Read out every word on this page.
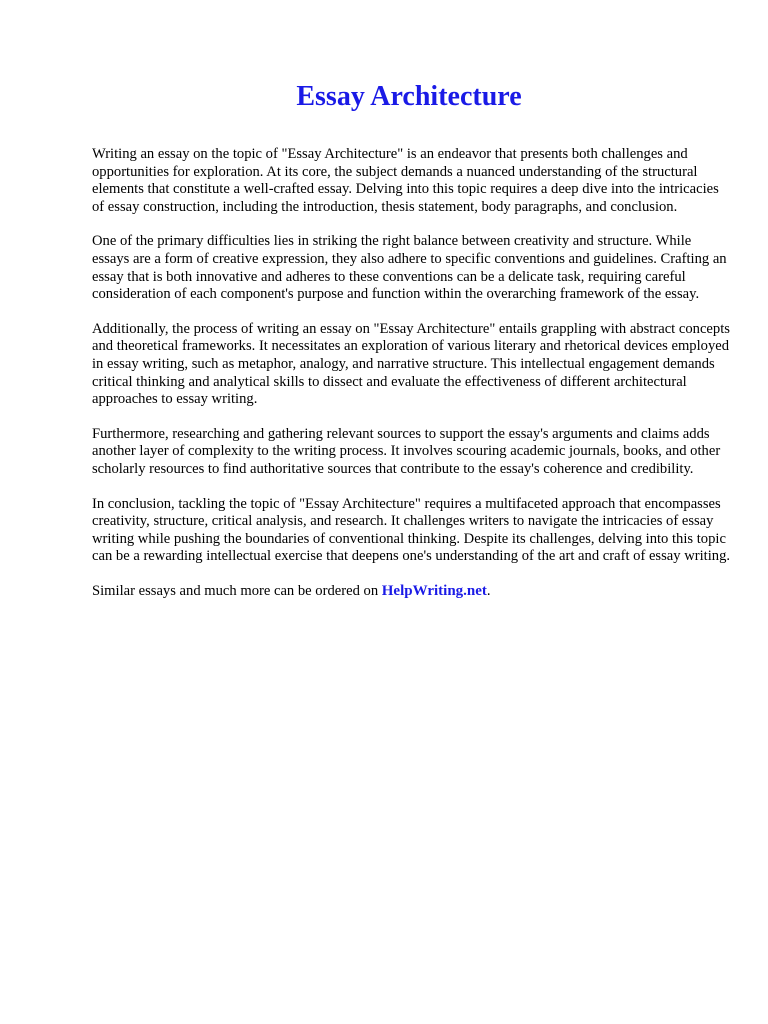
Essay Architecture

Writing an essay on the topic of "Essay Architecture" is an endeavor that presents both challenges and opportunities for exploration. At its core, the subject demands a nuanced understanding of the structural elements that constitute a well-crafted essay. Delving into this topic requires a deep dive into the intricacies of essay construction, including the introduction, thesis statement, body paragraphs, and conclusion.

One of the primary difficulties lies in striking the right balance between creativity and structure. While essays are a form of creative expression, they also adhere to specific conventions and guidelines. Crafting an essay that is both innovative and adheres to these conventions can be a delicate task, requiring careful consideration of each component's purpose and function within the overarching framework of the essay.

Additionally, the process of writing an essay on "Essay Architecture" entails grappling with abstract concepts and theoretical frameworks. It necessitates an exploration of various literary and rhetorical devices employed in essay writing, such as metaphor, analogy, and narrative structure. This intellectual engagement demands critical thinking and analytical skills to dissect and evaluate the effectiveness of different architectural approaches to essay writing.

Furthermore, researching and gathering relevant sources to support the essay's arguments and claims adds another layer of complexity to the writing process. It involves scouring academic journals, books, and other scholarly resources to find authoritative sources that contribute to the essay's coherence and credibility.

In conclusion, tackling the topic of "Essay Architecture" requires a multifaceted approach that encompasses creativity, structure, critical analysis, and research. It challenges writers to navigate the intricacies of essay writing while pushing the boundaries of conventional thinking. Despite its challenges, delving into this topic can be a rewarding intellectual exercise that deepens one's understanding of the art and craft of essay writing.

Similar essays and much more can be ordered on HelpWriting.net.
